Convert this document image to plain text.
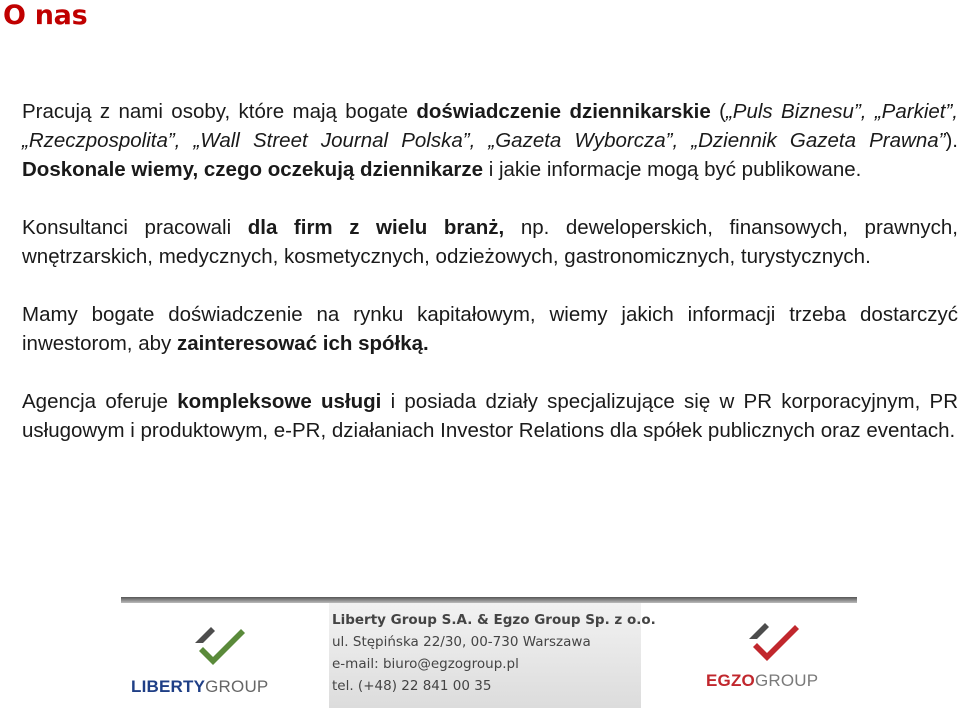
O nas

Pracują z nami osoby, które mają bogate doświadczenie dziennikarskie („Puls Biznesu”, „Parkiet”, „Rzeczpospolita”, „Wall Street Journal Polska”, „Gazeta Wyborcza”, „Dziennik Gazeta Prawna”). Doskonale wiemy, czego oczekują dziennikarze i jakie informacje mogą być publikowane.

Konsultanci pracowali dla firm z wielu branż, np. deweloperskich, finansowych, prawnych, wnętrzarskich, medycznych, kosmetycznych, odzieżowych, gastronomicznych, turystycznych.

Mamy bogate doświadczenie na rynku kapitałowym, wiemy jakich informacji trzeba dostarczyć inwestorom, aby zainteresować ich spółką.

Agencja oferuje kompleksowe usługi i posiada działy specjalizujące się w PR korporacyjnym, PR usługowym i produktowym, e-PR, działaniach Investor Relations dla spółek publicznych oraz eventach.

LIBERTYGROUP
Liberty Group S.A. & Egzo Group Sp. z o.o.
ul. Stępińska 22/30, 00-730 Warszawa
e-mail: biuro@egzogroup.pl
tel. (+48) 22 841 00 35	EGZOGROUP
